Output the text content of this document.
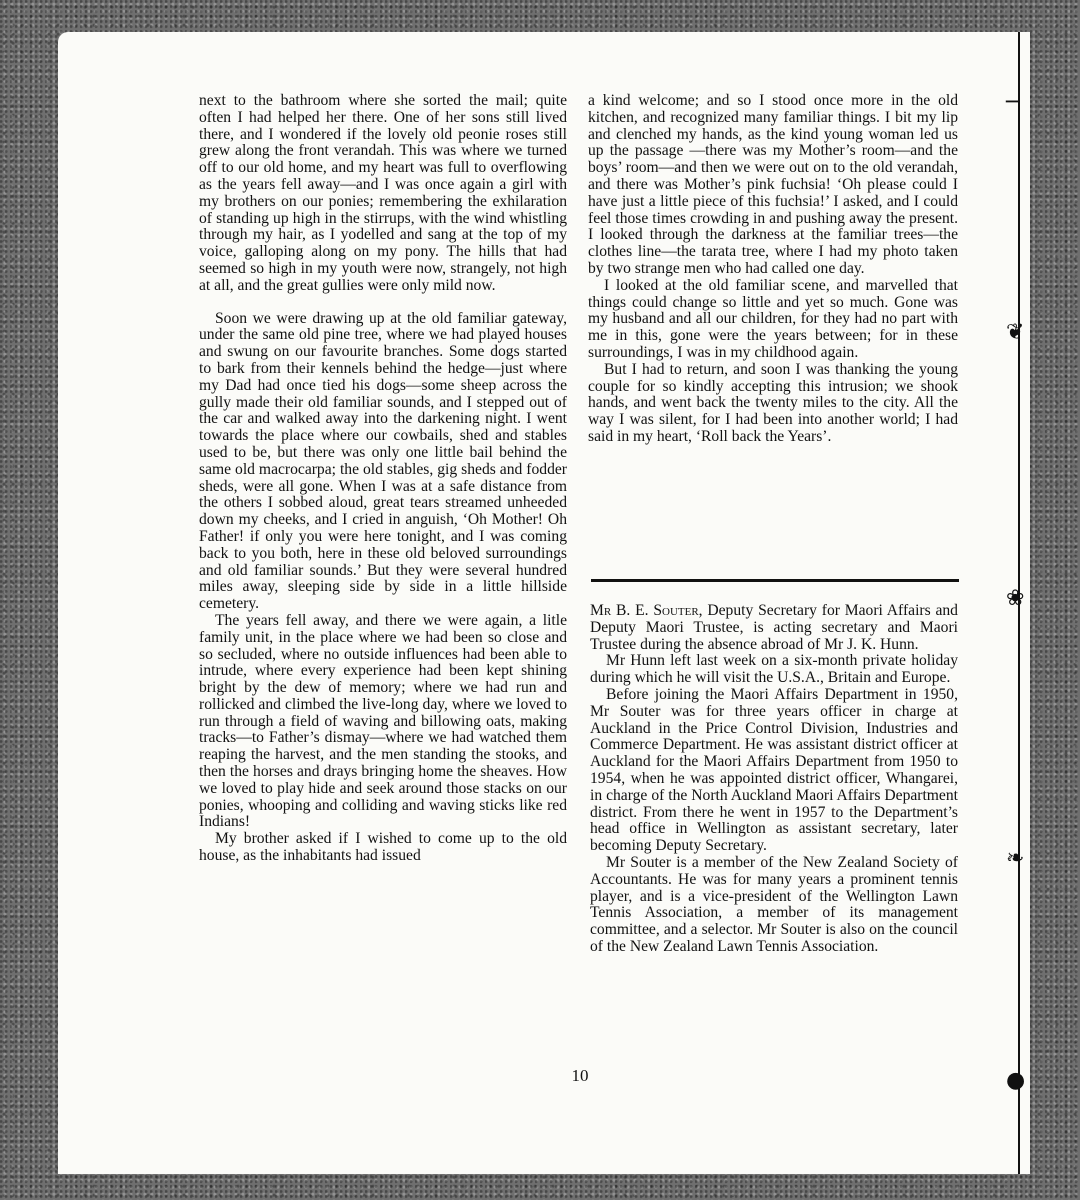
─
❦
❀
❧
●

next to the bathroom where she sorted the mail; quite often I had helped her there. One of her sons still lived there, and I wondered if the lovely old peonie roses still grew along the front verandah. This was where we turned off to our old home, and my heart was full to overflowing as the years fell away—and I was once again a girl with my brothers on our ponies; remembering the exhilaration of standing up high in the stirrups, with the wind whistling through my hair, as I yodelled and sang at the top of my voice, galloping along on my pony. The hills that had seemed so high in my youth were now, strangely, not high at all, and the great gullies were only mild now.

Soon we were drawing up at the old familiar gateway, under the same old pine tree, where we had played houses and swung on our favourite branches. Some dogs started to bark from their kennels behind the hedge—just where my Dad had once tied his dogs—some sheep across the gully made their old familiar sounds, and I stepped out of the car and walked away into the darkening night. I went towards the place where our cowbails, shed and stables used to be, but there was only one little bail behind the same old macrocarpa; the old stables, gig sheds and fodder sheds, were all gone. When I was at a safe distance from the others I sobbed aloud, great tears streamed unheeded down my cheeks, and I cried in anguish, ‘Oh Mother! Oh Father! if only you were here tonight, and I was coming back to you both, here in these old beloved surroundings and old familiar sounds.’ But they were several hundred miles away, sleeping side by side in a little hillside cemetery.

The years fell away, and there we were again, a litle family unit, in the place where we had been so close and so secluded, where no outside influences had been able to intrude, where every experience had been kept shining bright by the dew of memory; where we had run and rollicked and climbed the live-long day, where we loved to run through a field of waving and billowing oats, making tracks—to Father’s dismay—where we had watched them reaping the harvest, and the men standing the stooks, and then the horses and drays bringing home the sheaves. How we loved to play hide and seek around those stacks on our ponies, whooping and colliding and waving sticks like red Indians!

My brother asked if I wished to come up to the old house, as the inhabitants had issued

a kind welcome; and so I stood once more in the old kitchen, and recognized many familiar things. I bit my lip and clenched my hands, as the kind young woman led us up the passage —there was my Mother’s room—and the boys’ room—and then we were out on to the old verandah, and there was Mother’s pink fuchsia! ‘Oh please could I have just a little piece of this fuchsia!’ I asked, and I could feel those times crowding in and pushing away the present. I looked through the darkness at the familiar trees—the clothes line—the tarata tree, where I had my photo taken by two strange men who had called one day.

I looked at the old familiar scene, and marvelled that things could change so little and yet so much. Gone was my husband and all our children, for they had no part with me in this, gone were the years between; for in these surroundings, I was in my childhood again.

But I had to return, and soon I was thanking the young couple for so kindly accepting this intrusion; we shook hands, and went back the twenty miles to the city. All the way I was silent, for I had been into another world; I had said in my heart, ‘Roll back the Years’.

Mr B. E. Souter, Deputy Secretary for Maori Affairs and Deputy Maori Trustee, is acting secretary and Maori Trustee during the absence abroad of Mr J. K. Hunn.

Mr Hunn left last week on a six-month private holiday during which he will visit the U.S.A., Britain and Europe.

Before joining the Maori Affairs Department in 1950, Mr Souter was for three years officer in charge at Auckland in the Price Control Division, Industries and Commerce Department. He was assistant district officer at Auckland for the Maori Affairs Department from 1950 to 1954, when he was appointed district officer, Whangarei, in charge of the North Auckland Maori Affairs Department district. From there he went in 1957 to the Department’s head office in Wellington as assistant secretary, later becoming Deputy Secretary.

Mr Souter is a member of the New Zealand Society of Accountants. He was for many years a prominent tennis player, and is a vice-president of the Wellington Lawn Tennis Association, a member of its management committee, and a selector. Mr Souter is also on the council of the New Zealand Lawn Tennis Association.

10
